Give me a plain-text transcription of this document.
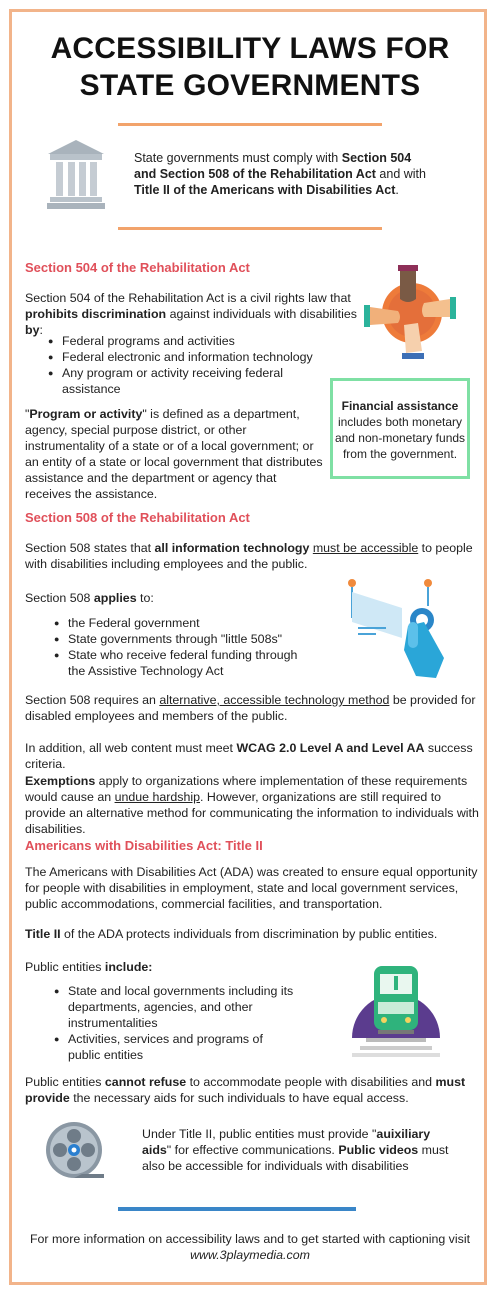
ACCESSIBILITY LAWS FOR
STATE GOVERNMENTS
State governments must comply with Section 504 and Section 508 of the Rehabilitation Act and with Title II of the Americans with Disabilities Act.
Section 504 of the Rehabilitation Act
Section 504 of the Rehabilitation Act is a civil rights law that prohibits discrimination against individuals with disabilities by:
● Federal programs and activities
● Federal electronic and information technology
● Any program or activity receiving federal assistance
"Program or activity" is defined as a department, agency, special purpose district, or other instrumentality of a state or of a local government; or an entity of a state or local government that distributes assistance and the department or agency that receives the assistance.
Financial assistance
includes both monetary and non-monetary funds from the government.
Section 508 of the Rehabilitation Act
Section 508 states that all information technology must be accessible to people with disabilities including employees and the public.
Section 508 applies to:
● the Federal government
● State governments through "little 508s"
● State who receive federal funding through the Assistive Technology Act
Section 508 requires an alternative, accessible technology method be provided for disabled employees and members of the public.
In addition, all web content must meet WCAG 2.0 Level A and Level AA success criteria.
Exemptions apply to organizations where implementation of these requirements would cause an undue hardship. However, organizations are still required to provide an alternative method for communicating the information to individuals with disabilities.
Americans with Disabilities Act: Title II
The Americans with Disabilities Act (ADA) was created to ensure equal opportunity for people with disabilities in employment, state and local government services, public accommodations, commercial facilities, and transportation.
Title II of the ADA protects individuals from discrimination by public entities.
Public entities include:
● State and local governments including its departments, agencies, and other instrumentalities
● Activities, services and programs of public entities
Public entities cannot refuse to accommodate people with disabilities and must provide the necessary aids for such individuals to have equal access.
Under Title II, public entities must provide "auixiliary aids" for effective communications. Public videos must also be accessible for individuals with disabilities
For more information on accessibility laws and to get started with captioning visit
www.3playmedia.com
